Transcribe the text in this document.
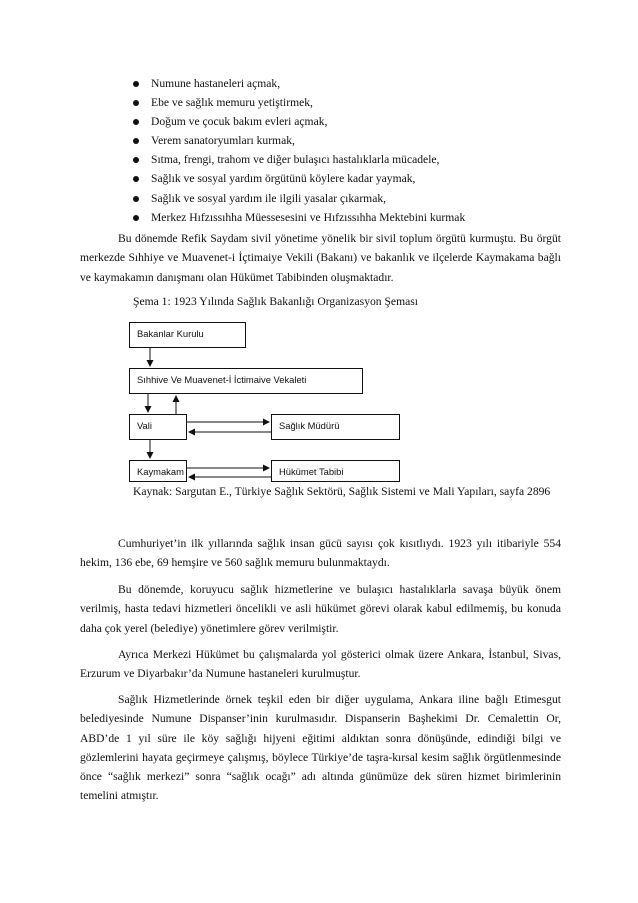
Numune hastaneleri açmak,
Ebe ve sağlık memuru yetiştirmek,
Doğum ve çocuk bakım evleri açmak,
Verem sanatoryumları kurmak,
Sıtma, frengi, trahom ve diğer bulaşıcı hastalıklarla mücadele,
Sağlık ve sosyal yardım örgütünü köylere kadar yaymak,
Sağlık ve sosyal yardım ile ilgili yasalar çıkarmak,
Merkez Hıfzıssıhha Müessesesini ve Hıfzıssıhha Mektebini kurmak

Bu dönemde Refik Saydam sivil yönetime yönelik bir sivil toplum örgütü kurmuştu. Bu örgüt merkezde Sıhhiye ve Muavenet-i İçtimaiye Vekili (Bakanı) ve bakanlık ve ilçelerde Kaymakama bağlı ve kaymakamın danışmanı olan Hükümet Tabibinden oluşmaktadır.

Şema 1: 1923 Yılında Sağlık Bakanlığı Organizasyon Şeması

Bakanlar Kurulu
Sıhhive Ve Muavenet-İ İctimaive Vekaleti
Vali	Sağlık Müdürü
Kaymakam	Hükümet Tabibi

Kaynak: Sargutan E., Türkiye Sağlık Sektörü, Sağlık Sistemi ve Mali Yapıları, sayfa 2896

Cumhuriyet’in ilk yıllarında sağlık insan gücü sayısı çok kısıtlıydı. 1923 yılı itibariyle 554 hekim, 136 ebe, 69 hemşire ve 560 sağlık memuru bulunmaktaydı.

Bu dönemde, koruyucu sağlık hizmetlerine ve bulaşıcı hastalıklarla savaşa büyük önem verilmiş, hasta tedavi hizmetleri öncelikli ve asli hükümet görevi olarak kabul edilmemiş, bu konuda daha çok yerel (belediye) yönetimlere görev verilmiştir.

Ayrıca Merkezi Hükümet bu çalışmalarda yol gösterici olmak üzere Ankara, İstanbul, Sivas, Erzurum ve Diyarbakır’da Numune hastaneleri kurulmuştur.

Sağlık Hizmetlerinde örnek teşkil eden bir diğer uygulama, Ankara iline bağlı Etimesgut belediyesinde Numune Dispanser’inin kurulmasıdır. Dispanserin Başhekimi Dr. Cemalettin Or, ABD’de 1 yıl süre ile köy sağlığı hijyeni eğitimi aldıktan sonra dönüşünde, edindiği bilgi ve gözlemlerini hayata geçirmeye çalışmış, böylece Türkiye’de taşra-kırsal kesim sağlık örgütlenmesinde önce “sağlık merkezi” sonra “sağlık ocağı” adı altında günümüze dek süren hizmet birimlerinin temelini atmıştır.
